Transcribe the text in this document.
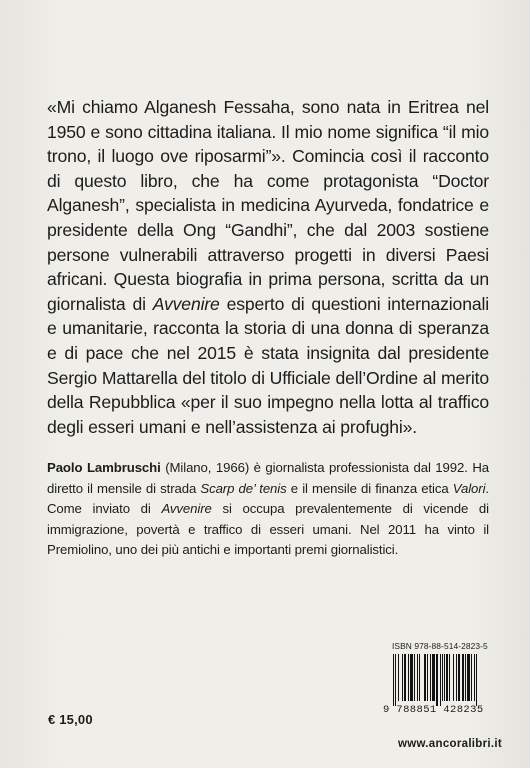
«Mi chiamo Alganesh Fessaha, sono nata in Eritrea nel 1950 e sono cittadina italiana. Il mio nome significa “il mio trono, il luogo ove riposarmi”». Comincia così il racconto di questo libro, che ha come protagonista “Doctor Alganesh”, specialista in medicina Ayurveda, fondatrice e presidente della Ong “Gandhi”, che dal 2003 sostiene persone vulnerabili attraverso progetti in diversi Paesi africani. Questa biografia in prima persona, scritta da un giornalista di Avvenire esperto di questioni internazionali e umanitarie, racconta la storia di una donna di speranza e di pace che nel 2015 è stata insignita dal presidente Sergio Mattarella del titolo di Ufficiale dell’Ordine al merito della Repubblica «per il suo impegno nella lotta al traffico degli esseri umani e nell’assistenza ai profughi».

Paolo Lambruschi (Milano, 1966) è giornalista professionista dal 1992. Ha diretto il mensile di strada Scarp de’ tenis e il mensile di finanza etica Valori. Come inviato di Avvenire si occupa prevalentemente di vicende di immigrazione, povertà e traffico di esseri umani. Nel 2011 ha vinto il Premiolino, uno dei più antichi e importanti premi giornalistici.

ISBN 978-88-514-2823-5
9 788851 428235
€ 15,00
www.ancoralibri.it
